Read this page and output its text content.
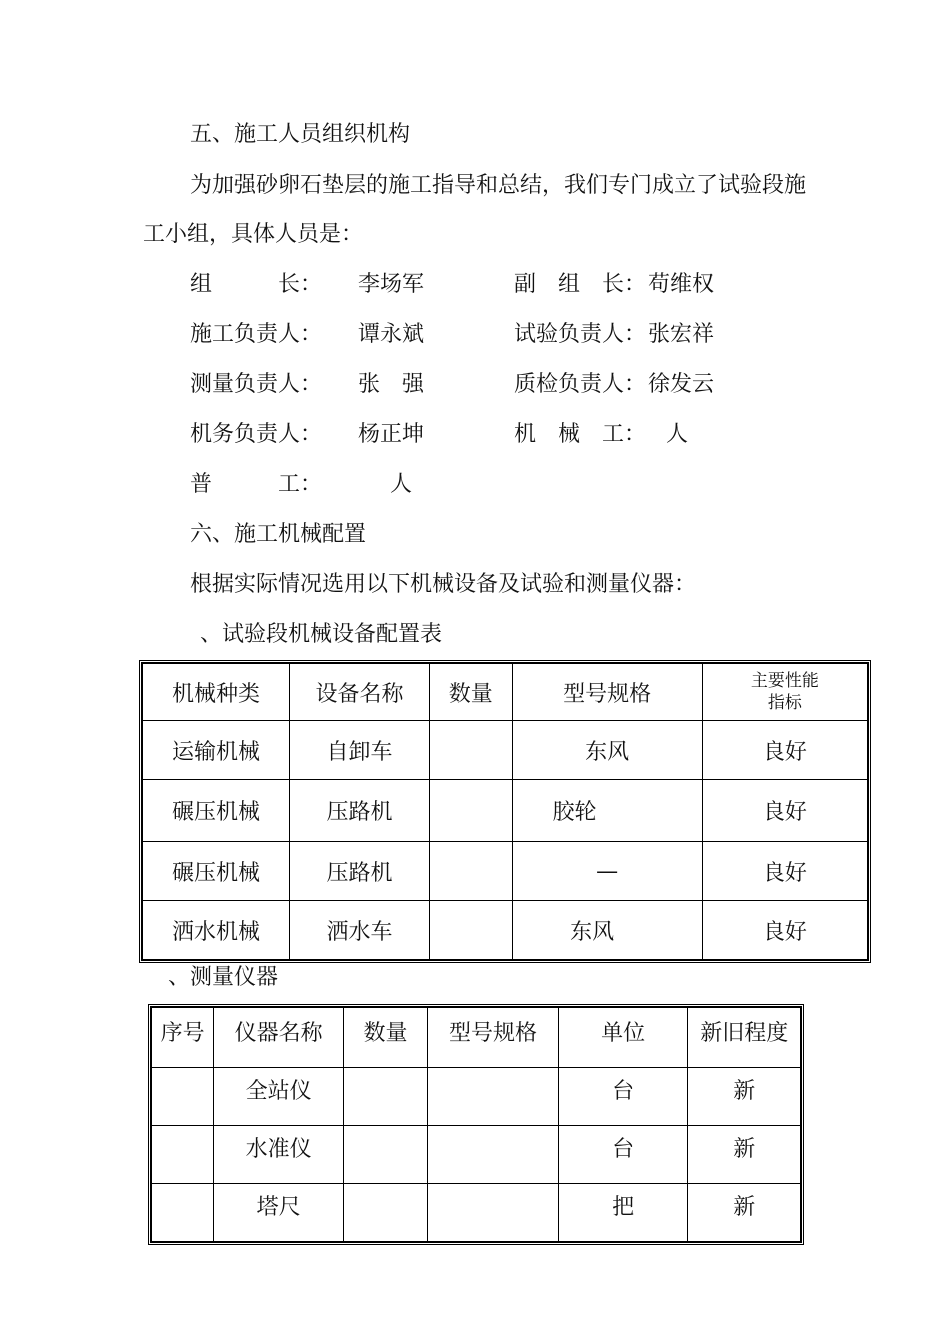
五、施工人员组织机构
为加强砂卵石垫层的施工指导和总结，我们专门成立了试验段施
工小组，具体人员是：
组	长： 李场军	副 组 长： 苟维权
施工负责人： 谭永斌	试验负责人： 张宏祥
测量负责人： 张 强	质检负责人： 徐发云
机务负责人： 杨正坤	机 械 工： 人
普	工：	人
六、施工机械配置
根据实际情况选用以下机械设备及试验和测量仪器：
、试验段机械设备配置表
机械种类	设备名称	数量	型号规格	主要性能
指标
运输机械	自卸车		东风	良好
碾压机械	压路机		胶轮	良好
碾压机械	压路机		—	良好
洒水机械	洒水车		东风	良好
、测量仪器
序号	仪器名称	数量	型号规格	单位	新旧程度
	全站仪			台	新
	水准仪			台	新
	塔尺			把	新
